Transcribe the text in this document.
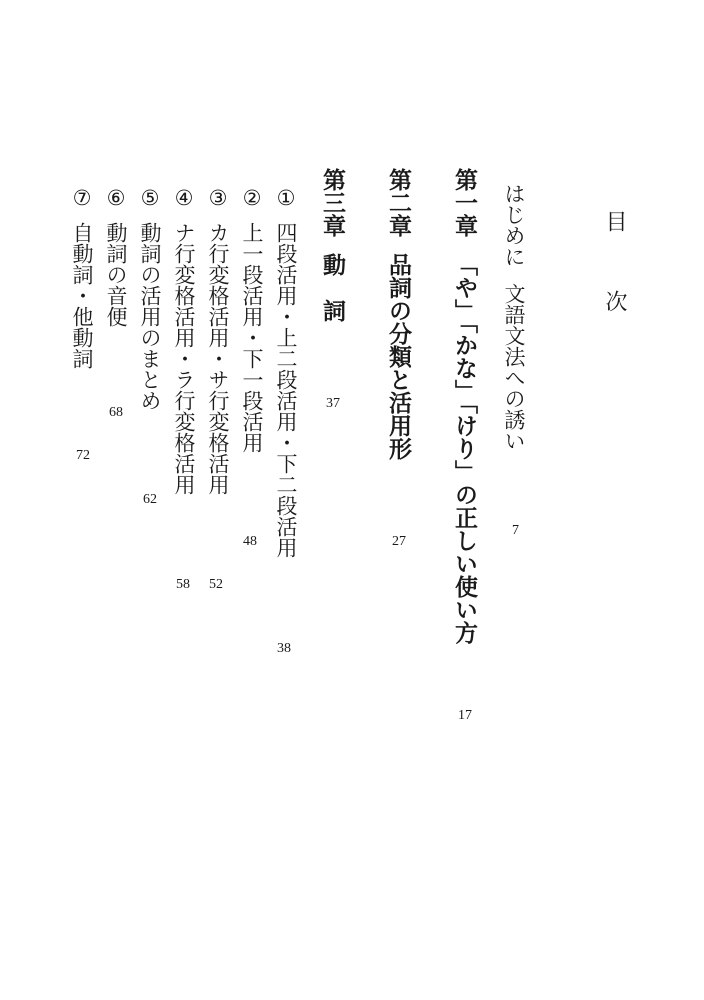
目　次
はじめに文語文法への誘い
7
第一章「や」「かな」「けり」の正しい使い方
17
第二章品詞の分類と活用形
27
第三章動　詞
37
①四段活用・上二段活用・下二段活用
38
②上一段活用・下一段活用
48
③カ行変格活用・サ行変格活用
52
④ナ行変格活用・ラ行変格活用
58
⑤動詞の活用のまとめ
62
⑥動詞の音便
68
⑦自動詞・他動詞
72
